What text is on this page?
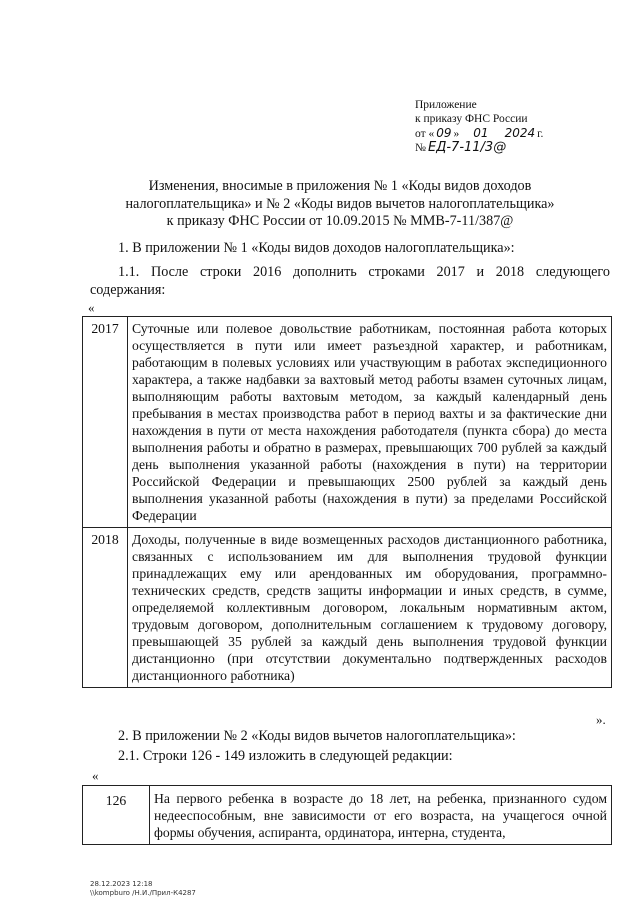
Приложение
к приказу ФНС России
от « 09 » 01 2024 г.
№ ЕД-7-11/3@
Изменения, вносимые в приложения № 1 «Коды видов доходов
налогоплательщика» и № 2 «Коды видов вычетов налогоплательщика»
к приказу ФНС России от 10.09.2015 № ММВ-7-11/387@
1. В приложении № 1 «Коды видов доходов налогоплательщика»:
1.1. После строки 2016 дополнить строками 2017 и 2018 следующего содержания:
«
2017	Суточные или полевое довольствие работникам, постоянная работа которых осуществляется в пути или имеет разъездной характер, и работникам, работающим в полевых условиях или участвующим в работах экспедиционного характера, а также надбавки за вахтовый метод работы взамен суточных лицам, выполняющим работы вахтовым методом, за каждый календарный день пребывания в местах производства работ в период вахты и за фактические дни нахождения в пути от места нахождения работодателя (пункта сбора) до места выполнения работы и обратно в размерах, превышающих 700 рублей за каждый день выполнения указанной работы (нахождения в пути) на территории Российской Федерации и превышающих 2500 рублей за каждый день выполнения указанной работы (нахождения в пути) за пределами Российской Федерации
2018	Доходы, полученные в виде возмещенных расходов дистанционного работника, связанных с использованием им для выполнения трудовой функции принадлежащих ему или арендованных им оборудования, программно-технических средств, средств защиты информации и иных средств, в сумме, определяемой коллективным договором, локальным нормативным актом, трудовым договором, дополнительным соглашением к трудовому договору, превышающей 35 рублей за каждый день выполнения трудовой функции дистанционно (при отсутствии документально подтвержденных расходов дистанционного работника)
».
2. В приложении № 2 «Коды видов вычетов налогоплательщика»:
2.1. Строки 126 - 149 изложить в следующей редакции:
«
126	На первого ребенка в возрасте до 18 лет, на ребенка, признанного судом недееспособным, вне зависимости от его возраста, на учащегося очной формы обучения, аспиранта, ординатора, интерна, студента,
28.12.2023 12:18
\\kompburo /Н.И./Прил-К4287
